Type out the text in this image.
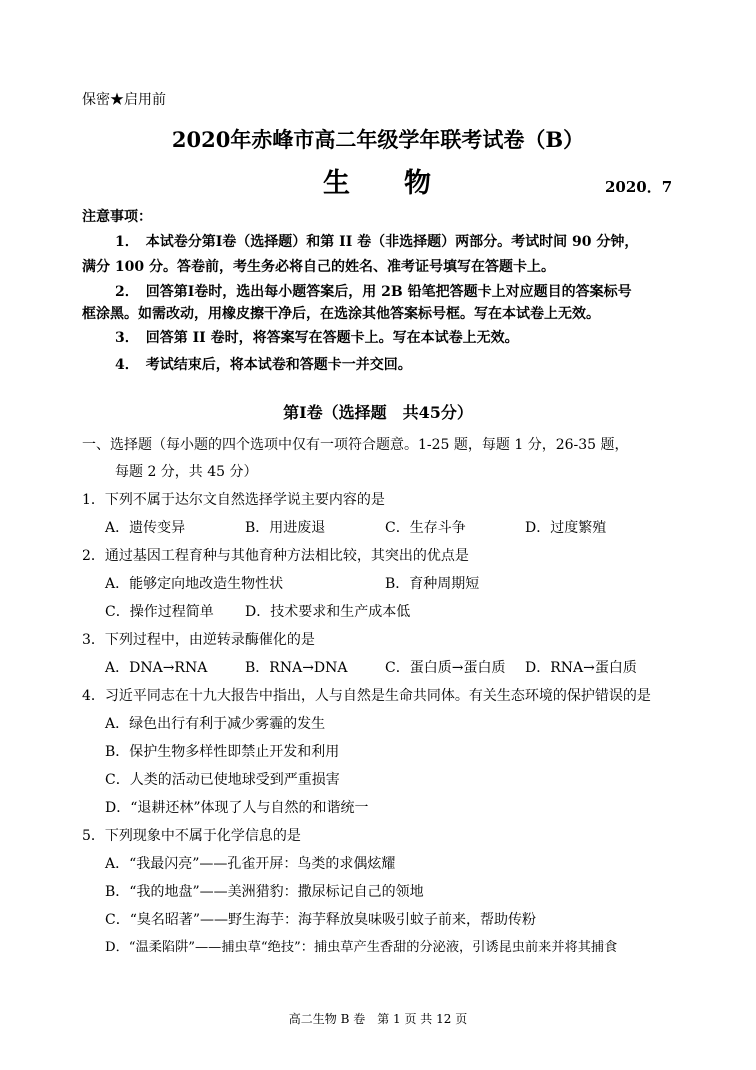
保密★启用前
2020年赤峰市高二年级学年联考试卷（B）
生　　物	2020．7
注意事项：
1．　本试卷分第Ⅰ卷（选择题）和第 II 卷（非选择题）两部分。考试时间 90 分钟，
满分 100 分。答卷前，考生务必将自己的姓名、准考证号填写在答题卡上。
2．　回答第Ⅰ卷时，选出每小题答案后，用 2B 铅笔把答题卡上对应题目的答案标号
框涂黑。如需改动，用橡皮擦干净后，在选涂其他答案标号框。写在本试卷上无效。
3．　回答第 II 卷时，将答案写在答题卡上。写在本试卷上无效。
4．　考试结束后，将本试卷和答题卡一并交回。
第Ⅰ卷（选择题　共45分）
一、选择题（每小题的四个选项中仅有一项符合题意。1-25 题，每题 1 分，26-35 题，
每题 2 分，共 45 分）
1．下列不属于达尔文自然选择学说主要内容的是
A．遗传变异	B．用进废退	C．生存斗争	D．过度繁殖
2．通过基因工程育种与其他育种方法相比较，其突出的优点是
A．能够定向地改造生物性状	B．育种周期短
C．操作过程简单 D．技术要求和生产成本低
3．下列过程中，由逆转录酶催化的是
A．DNA→RNA	B．RNA→DNA	C．蛋白质→蛋白质 D．RNA→蛋白质
4．习近平同志在十九大报告中指出，人与自然是生命共同体。有关生态环境的保护错误的是
A．绿色出行有利于减少雾霾的发生
B．保护生物多样性即禁止开发和利用
C．人类的活动已使地球受到严重损害
D．“退耕还林”体现了人与自然的和谐统一
5．下列现象中不属于化学信息的是
A．“我最闪亮”——孔雀开屏：鸟类的求偶炫耀
B．“我的地盘”——美洲猎豹：撒尿标记自己的领地
C．“臭名昭著”——野生海芋：海芋释放臭味吸引蚊子前来，帮助传粉
D．“温柔陷阱”——捕虫草“绝技”：捕虫草产生香甜的分泌液，引诱昆虫前来并将其捕食
高二生物 B 卷　第 1 页 共 12 页
